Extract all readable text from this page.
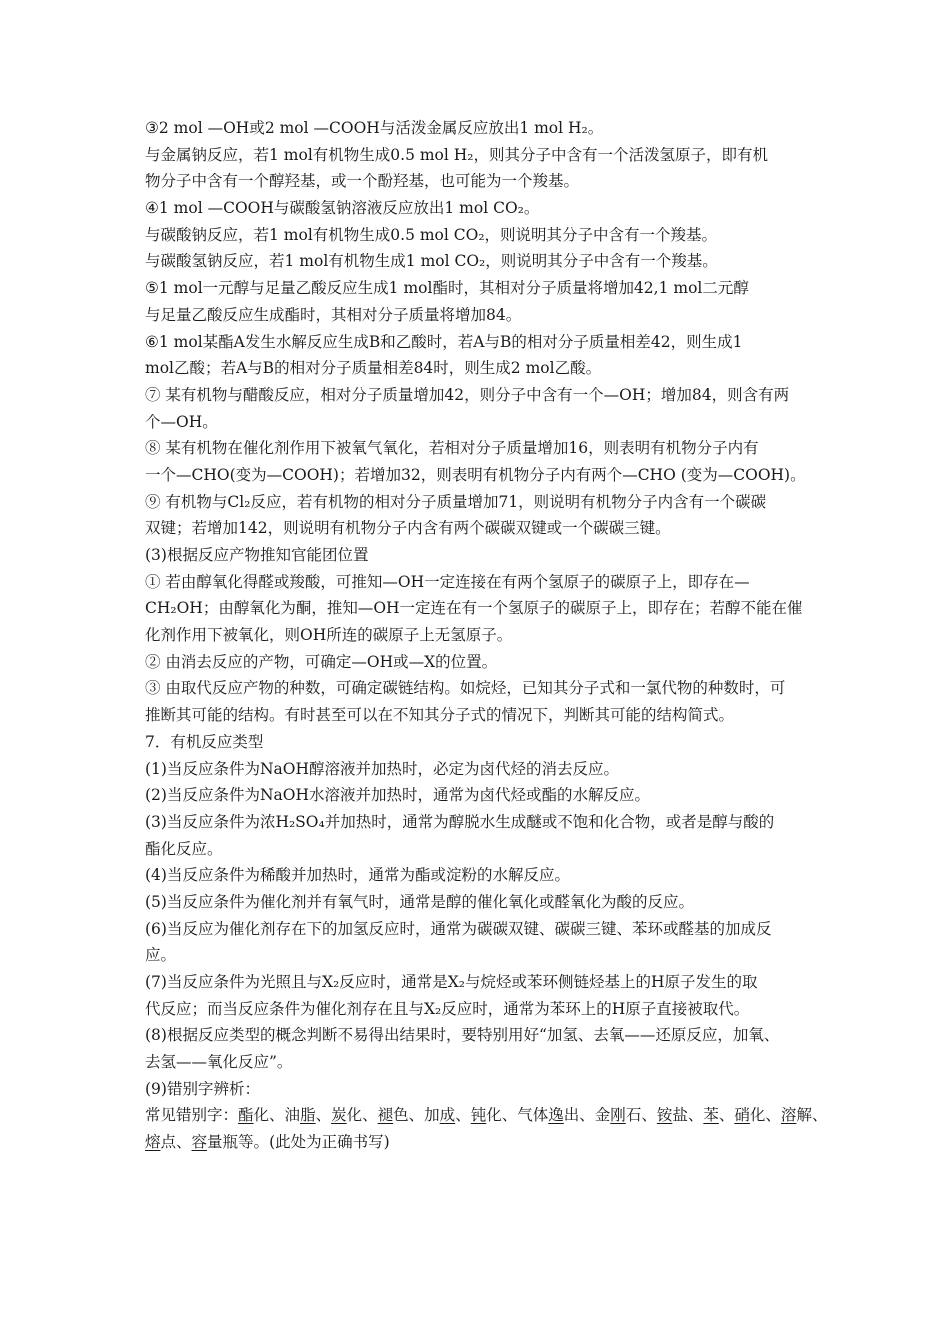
③2 mol —OH或2 mol —COOH与活泼金属反应放出1 mol H₂。
与金属钠反应，若1 mol有机物生成0.5 mol H₂，则其分子中含有一个活泼氢原子，即有机
物分子中含有一个醇羟基，或一个酚羟基，也可能为一个羧基。
④1 mol —COOH与碳酸氢钠溶液反应放出1 mol CO₂。
与碳酸钠反应，若1 mol有机物生成0.5 mol CO₂，则说明其分子中含有一个羧基。
与碳酸氢钠反应，若1 mol有机物生成1 mol CO₂，则说明其分子中含有一个羧基。
⑤1 mol一元醇与足量乙酸反应生成1 mol酯时，其相对分子质量将增加42,1 mol二元醇
与足量乙酸反应生成酯时，其相对分子质量将增加84。
⑥1 mol某酯A发生水解反应生成B和乙酸时，若A与B的相对分子质量相差42，则生成1
mol乙酸；若A与B的相对分子质量相差84时，则生成2 mol乙酸。
⑦ 某有机物与醋酸反应，相对分子质量增加42，则分子中含有一个—OH；增加84，则含有两
个—OH。
⑧ 某有机物在催化剂作用下被氧气氧化，若相对分子质量增加16，则表明有机物分子内有
一个—CHO(变为—COOH)；若增加32，则表明有机物分子内有两个—CHO (变为—COOH)。
⑨ 有机物与Cl₂反应，若有机物的相对分子质量增加71，则说明有机物分子内含有一个碳碳
双键；若增加142，则说明有机物分子内含有两个碳碳双键或一个碳碳三键。
(3)根据反应产物推知官能团位置
① 若由醇氧化得醛或羧酸，可推知—OH一定连接在有两个氢原子的碳原子上，即存在—
CH₂OH；由醇氧化为酮，推知—OH一定连在有一个氢原子的碳原子上，即存在；若醇不能在催
化剂作用下被氧化，则OH所连的碳原子上无氢原子。
② 由消去反应的产物，可确定—OH或—X的位置。
③ 由取代反应产物的种数，可确定碳链结构。如烷烃，已知其分子式和一氯代物的种数时，可
推断其可能的结构。有时甚至可以在不知其分子式的情况下，判断其可能的结构简式。
7．有机反应类型
(1)当反应条件为NaOH醇溶液并加热时，必定为卤代烃的消去反应。
(2)当反应条件为NaOH水溶液并加热时，通常为卤代烃或酯的水解反应。
(3)当反应条件为浓H₂SO₄并加热时，通常为醇脱水生成醚或不饱和化合物，或者是醇与酸的
酯化反应。
(4)当反应条件为稀酸并加热时，通常为酯或淀粉的水解反应。
(5)当反应条件为催化剂并有氧气时，通常是醇的催化氧化或醛氧化为酸的反应。
(6)当反应为催化剂存在下的加氢反应时，通常为碳碳双键、碳碳三键、苯环或醛基的加成反
应。
(7)当反应条件为光照且与X₂反应时，通常是X₂与烷烃或苯环侧链烃基上的H原子发生的取
代反应；而当反应条件为催化剂存在且与X₂反应时，通常为苯环上的H原子直接被取代。
(8)根据反应类型的概念判断不易得出结果时，要特别用好“加氢、去氧——还原反应，加氧、
去氢——氧化反应”。
(9)错别字辨析：
常见错别字：酯化、油脂、炭化、褪色、加成、钝化、气体逸出、金刚石、铵盐、苯、硝化、溶解、
熔点、容量瓶等。(此处为正确书写)
